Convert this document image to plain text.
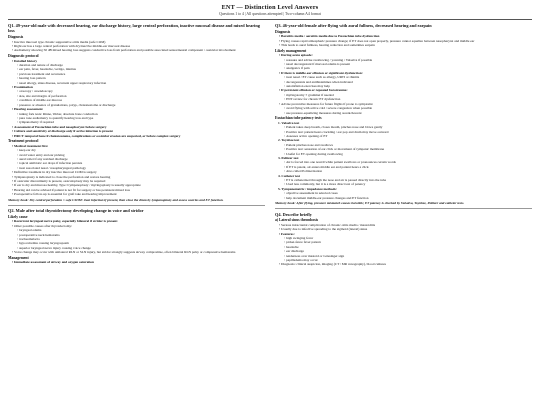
ENT — Distinction Level Answers
Questions 1 to 4 | All questions attempted | Two-column A4 format
Q1. 49-year-old male with decreased hearing, ear discharge history, large central perforation, inactive mucosal disease and mixed hearing loss
Diagnosis
• Inactive mucosal type chronic suppurative otitis media (safe COM)
• Right ear has a large central perforation with dry/inactive middle-ear mucosal disease
• Audiometry showing 50 dB mixed hearing loss suggests conductive loss from perforation and possible associated sensorineural component / ossicular involvement
Diagnostic protocol
• Detailed history
◦ duration and nature of discharge
◦ ear pain, fever, headache, vertigo, tinnitus
◦ previous treatment and recurrence
◦ hearing loss pattern
◦ nasal allergy, sinus disease, recurrent upper respiratory infection
• Examination
◦ otoscopy / otoendoscopy
◦ size, site and margin of perforation
◦ condition of middle ear mucosa
◦ presence or absence of granulations, polyp, cholesteatoma or discharge
• Hearing assessment
◦ tuning fork tests: Rinne, Weber, absolute bone conduction
◦ pure tone audiometry to quantify hearing loss and type
◦ tympanometry if required
• Assessment of Eustachian tube and nasopharynx before surgery
• Culture and sensitivity of discharge only if active infection is present
• HRCT temporal bone if cholesteatoma, complications or ossicular erosion are suspected, or before complex surgery
Treatment protocol
• Medical treatment first
◦ keep ear dry
◦ avoid water entry and ear picking
◦ aural toilet if any residual discharge
◦ topical antibiotic ear drops if infection persists
◦ treat associated nasal / nasopharyngeal pathology
• Definitive treatment in dry inactive mucosal COM is surgery
• Tympanoplasty is indicated to close the perforation and restore hearing
• If ossicular discontinuity is present, ossiculoplasty may be required
• If ear is dry and mucosa healthy, Type I tympanoplasty / myringoplasty is usually appropriate
• Hearing aid can be advised if patient is not fit for surgery or has persistent mixed loss
• Postoperative follow-up is essential for graft take and hearing improvement
Memory hook: Dry central perforation = safe CSOM: treat infection if present, then close the drum by tympanoplasty and assess ossicles and ET function.
Q2. Male after total thyroidectomy developing change in voice and stridor
Likely cause
• Recurrent laryngeal nerve palsy, especially bilateral if stridor is present
• Other possible causes after thyroidectomy:
◦ laryngeal edema
◦ postoperative neck hematoma
◦ tracheomalacia
◦ hypocalcemia causing laryngospasm
◦ superior laryngeal nerve injury causing voice change
• Voice change may occur with unilateral RLN or SLN injury, but stridor strongly suggests airway compromise, often bilateral RLN palsy or compressive hematoma
Management
• Immediate assessment of airway and oxygen saturation
Q3. 46-year-old female after flying with aural fullness, decreased hearing and earpain
Diagnosis
• Barotitis media / aerotitis media due to Eustachian tube dysfunction
• Flying causes rapid atmospheric pressure change; if ET does not open properly, pressure cannot equalize between nasopharynx and middle ear
• This leads to aural fullness, hearing reduction and sometimes earpain
Likely management
• During acute episode:
◦ reassure and advise swallowing / yawning / Valsalva if possible
◦ nasal decongestant if mucosal edema is present
◦ analgesics if pain
• If there is middle-ear effusion or significant dysfunction:
◦ treat nasal / ET cause such as allergy, URTI or rhinitis
◦ decongestants and antihistamines when indicated
◦ autoinflation exercises may help
• If persistent effusion or repeated barotrauma:
◦ myringotomy ± grommet if needed
◦ ENT review for chronic ET dysfunction
• Advise preventive measures for future flights if prone to symptoms:
◦ avoid flying with active cold / severe congestion when possible
◦ use pressure-equalizing measures during ascent/descent
Eustachian tube patency tests
1. Valsalva test
◦ Patient takes deep breath, closes mouth, pinches nose and blows gently
◦ Positive test: patient hears crackling / ear pop and drum may move outward
◦ Assesses active opening of ET
2. Toynbee test
◦ Patient pinches nose and swallows
◦ Positive test: sensation of ear click or movement of tympanic membrane
◦ Useful for ET opening during swallowing
3. Politzer test
◦ Air is forced into one nostril while patient swallows or pronounces certain words
◦ If ET is patent, air enters middle ear and patient hears a click
◦ Also called Politzerization
4. Catheter test
◦ ET is catheterized through the nose and air is passed directly into the tube
◦ Used less commonly, but it is a more direct test of patency
5. Tympanometric / impedance methods:
◦ objective assessment in selected cases
◦ help document middle-ear pressure changes and ET function
Memory hook: After flying, pressure mismatch causes barotitis; ET patency is checked by Valsalva, Toynbee, Politzer and catheter tests.
Q4. Describe briefly
a) Lateral sinus thrombosis
• Serious intracranial complication of chronic otitis media / mastoiditis
• Usually due to infective spreading to the sigmoid (lateral) sinus
• Features:
◦ high swinging fever
◦ picket-fence fever pattern
◦ headache
◦ ear discharge
◦ tenderness over mastoid or Griesinger sign
◦ papilledema may occur
• Diagnosis: clinical suspicion, imaging (CT / MR venography), blood cultures
